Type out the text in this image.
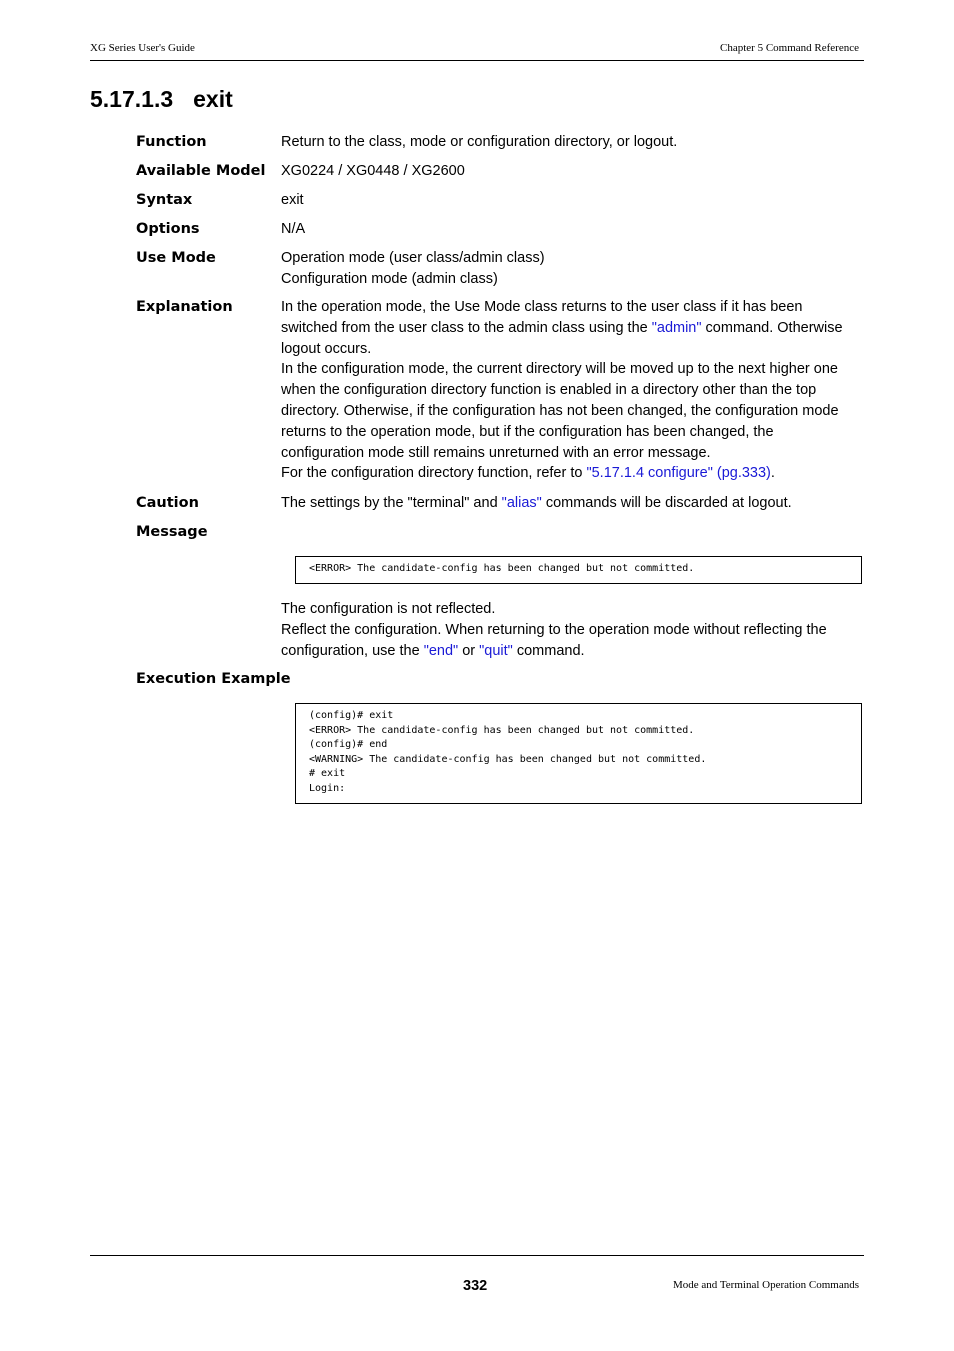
XG Series User's Guide	Chapter 5 Command Reference
5.17.1.3 exit
Function	Return to the class, mode or configuration directory, or logout.

Available Model XG0224 / XG0448 / XG2600

Syntax	exit

Options	N/A

Use Mode	Operation mode (user class/admin class)

Configuration mode (admin class)

Explanation	In the operation mode, the Use Mode class returns to the user class if it has been

switched from the user class to the admin class using the "admin" command. Otherwise

logout occurs.

In the configuration mode, the current directory will be moved up to the next higher one

when the configuration directory function is enabled in a directory other than the top

directory. Otherwise, if the configuration has not been changed, the configuration mode

returns to the operation mode, but if the configuration has been changed, the

configuration mode still remains unreturned with an error message.

For the configuration directory function, refer to "5.17.1.4 configure" (pg.333).

Caution	The settings by the "terminal" and "alias" commands will be discarded at logout.

Message
<ERROR> The candidate-config has been changed but not committed.

The configuration is not reflected.

Reflect the configuration. When returning to the operation mode without reflecting the

configuration, use the "end" or "quit" command.

Execution Example
(config)# exit
<ERROR> The candidate-config has been changed but not committed.
(config)# end
<WARNING> The candidate-config has been changed but not committed.
# exit
Login:
332	Mode and Terminal Operation Commands
